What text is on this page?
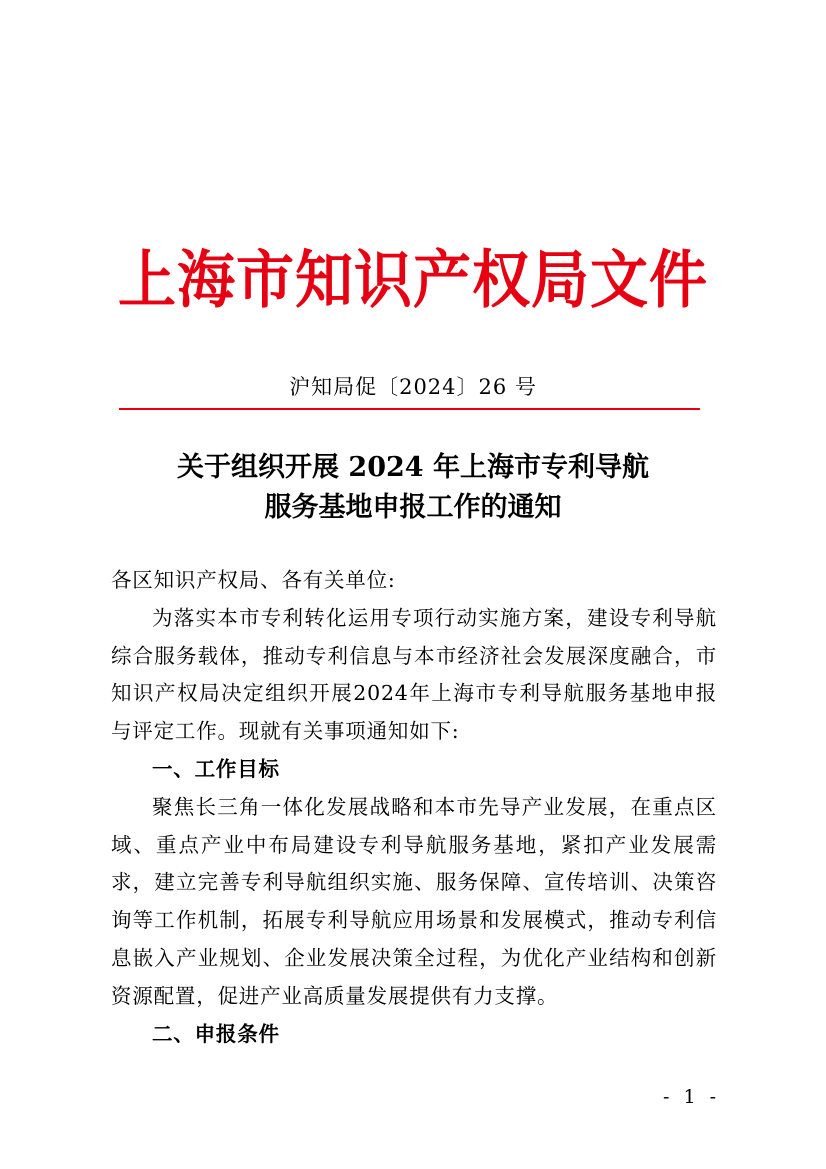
上海市知识产权局文件
沪知局促〔2024〕26 号
关于组织开展 2024 年上海市专利导航
服务基地申报工作的通知

各区知识产权局、各有关单位:

为落实本市专利转化运用专项行动实施方案，建设专利导航综合服务载体，推动专利信息与本市经济社会发展深度融合，市知识产权局决定组织开展2024年上海市专利导航服务基地申报与评定工作。现就有关事项通知如下:

一、工作目标

聚焦长三角一体化发展战略和本市先导产业发展，在重点区域、重点产业中布局建设专利导航服务基地，紧扣产业发展需求，建立完善专利导航组织实施、服务保障、宣传培训、决策咨询等工作机制，拓展专利导航应用场景和发展模式，推动专利信息嵌入产业规划、企业发展决策全过程，为优化产业结构和创新资源配置，促进产业高质量发展提供有力支撑。

二、申报条件

- 1 -
